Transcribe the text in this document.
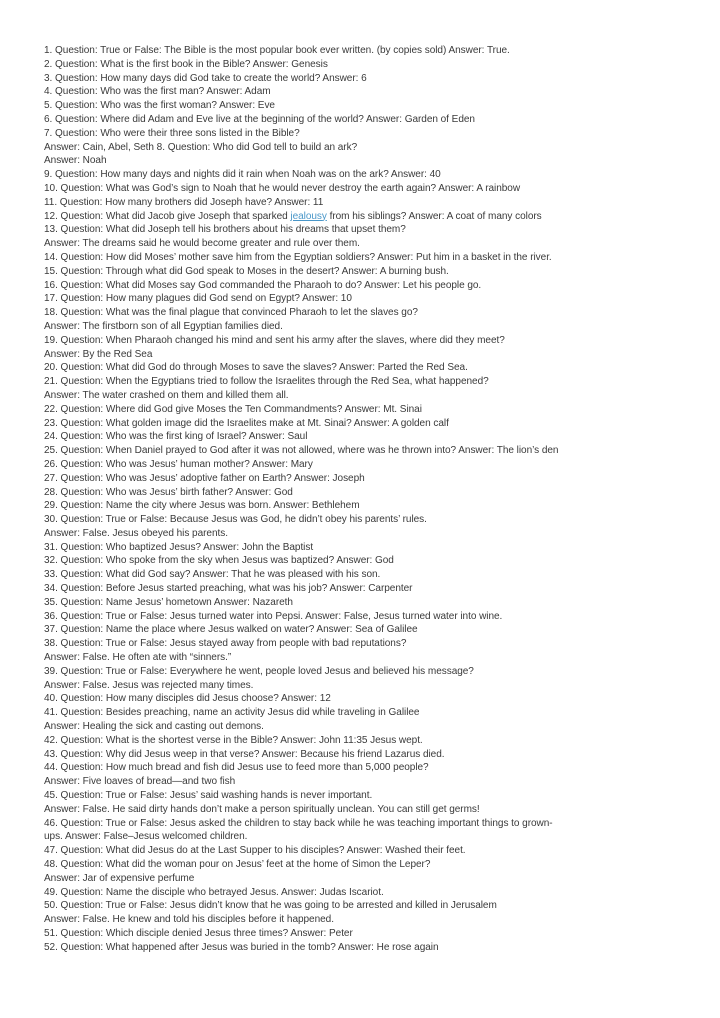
1. Question: True or False: The Bible is the most popular book ever written. (by copies sold) Answer: True.
2. Question: What is the first book in the Bible? Answer: Genesis
3. Question: How many days did God take to create the world? Answer: 6
4. Question: Who was the first man? Answer: Adam
5. Question: Who was the first woman? Answer: Eve
6. Question: Where did Adam and Eve live at the beginning of the world? Answer: Garden of Eden
7. Question: Who were their three sons listed in the Bible?
Answer: Cain, Abel, Seth 8. Question: Who did God tell to build an ark?
Answer: Noah
9. Question: How many days and nights did it rain when Noah was on the ark? Answer: 40
10. Question: What was God’s sign to Noah that he would never destroy the earth again? Answer: A rainbow
11. Question: How many brothers did Joseph have? Answer: 11
12. Question: What did Jacob give Joseph that sparked jealousy from his siblings? Answer: A coat of many colors
13. Question: What did Joseph tell his brothers about his dreams that upset them?
Answer: The dreams said he would become greater and rule over them.
14. Question: How did Moses’ mother save him from the Egyptian soldiers? Answer: Put him in a basket in the river.
15. Question: Through what did God speak to Moses in the desert? Answer: A burning bush.
16. Question: What did Moses say God commanded the Pharaoh to do? Answer: Let his people go.
17. Question: How many plagues did God send on Egypt? Answer: 10
18. Question: What was the final plague that convinced Pharaoh to let the slaves go?
Answer: The firstborn son of all Egyptian families died.
19. Question: When Pharaoh changed his mind and sent his army after the slaves, where did they meet?
Answer: By the Red Sea
20. Question: What did God do through Moses to save the slaves? Answer: Parted the Red Sea.
21. Question: When the Egyptians tried to follow the Israelites through the Red Sea, what happened?
Answer: The water crashed on them and killed them all.
22. Question: Where did God give Moses the Ten Commandments? Answer: Mt. Sinai
23. Question: What golden image did the Israelites make at Mt. Sinai? Answer: A golden calf
24. Question: Who was the first king of Israel? Answer: Saul
25. Question: When Daniel prayed to God after it was not allowed, where was he thrown into? Answer: The lion’s den
26. Question: Who was Jesus’ human mother? Answer: Mary
27. Question: Who was Jesus’ adoptive father on Earth? Answer: Joseph
28. Question: Who was Jesus’ birth father? Answer: God
29. Question: Name the city where Jesus was born. Answer: Bethlehem
30. Question: True or False: Because Jesus was God, he didn’t obey his parents’ rules.
Answer: False. Jesus obeyed his parents.
31. Question: Who baptized Jesus? Answer: John the Baptist
32. Question: Who spoke from the sky when Jesus was baptized? Answer: God
33. Question: What did God say? Answer: That he was pleased with his son.
34. Question: Before Jesus started preaching, what was his job? Answer: Carpenter
35. Question: Name Jesus’ hometown Answer: Nazareth
36. Question: True or False: Jesus turned water into Pepsi. Answer: False, Jesus turned water into wine.
37. Question: Name the place where Jesus walked on water? Answer: Sea of Galilee
38. Question: True or False: Jesus stayed away from people with bad reputations?
Answer: False. He often ate with “sinners.”
39. Question: True or False: Everywhere he went, people loved Jesus and believed his message?
Answer: False. Jesus was rejected many times.
40. Question: How many disciples did Jesus choose? Answer: 12
41. Question: Besides preaching, name an activity Jesus did while traveling in Galilee
Answer: Healing the sick and casting out demons.
42. Question: What is the shortest verse in the Bible? Answer: John 11:35 Jesus wept.
43. Question: Why did Jesus weep in that verse? Answer: Because his friend Lazarus died.
44. Question: How much bread and fish did Jesus use to feed more than 5,000 people?
Answer: Five loaves of bread—and two fish
45. Question: True or False: Jesus’ said washing hands is never important.
Answer: False. He said dirty hands don’t make a person spiritually unclean. You can still get germs!
46. Question: True or False: Jesus asked the children to stay back while he was teaching important things to grown-
ups. Answer: False–Jesus welcomed children.
47. Question: What did Jesus do at the Last Supper to his disciples? Answer: Washed their feet.
48. Question: What did the woman pour on Jesus’ feet at the home of Simon the Leper?
Answer: Jar of expensive perfume
49. Question: Name the disciple who betrayed Jesus. Answer: Judas Iscariot.
50. Question: True or False: Jesus didn’t know that he was going to be arrested and killed in Jerusalem
Answer: False. He knew and told his disciples before it happened.
51. Question: Which disciple denied Jesus three times? Answer: Peter
52. Question: What happened after Jesus was buried in the tomb? Answer: He rose again
